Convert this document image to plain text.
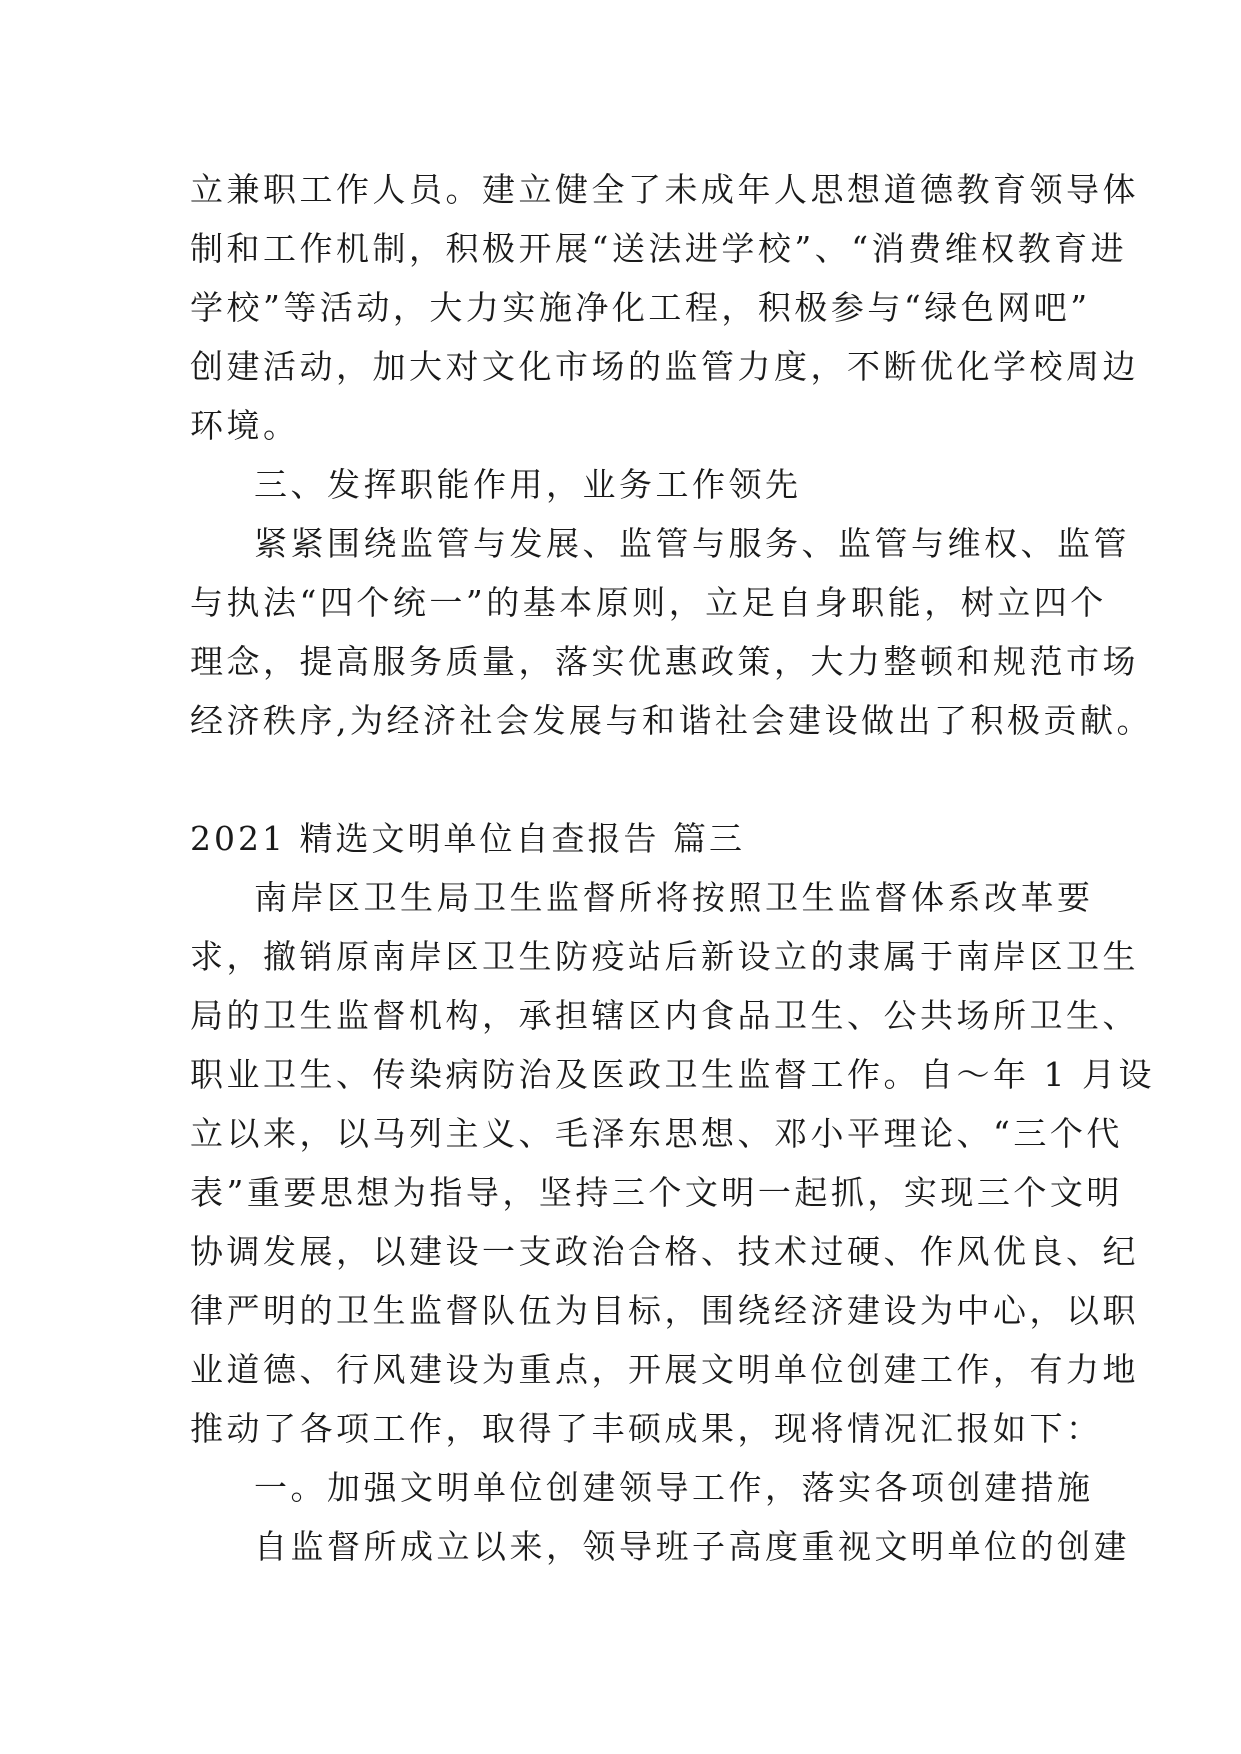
立兼职工作人员。建立健全了未成年人思想道德教育领导体
制和工作机制，积极开展“送法进学校”、“消费维权教育进
学校”等活动，大力实施净化工程，积极参与“绿色网吧”
创建活动，加大对文化市场的监管力度，不断优化学校周边
环境。
三、发挥职能作用，业务工作领先
紧紧围绕监管与发展、监管与服务、监管与维权、监管
与执法“四个统一”的基本原则，立足自身职能，树立四个
理念，提高服务质量，落实优惠政策，大力整顿和规范市场
经济秩序,为经济社会发展与和谐社会建设做出了积极贡献。
2021 精选文明单位自查报告 篇三
南岸区卫生局卫生监督所将按照卫生监督体系改革要
求，撤销原南岸区卫生防疫站后新设立的隶属于南岸区卫生
局的卫生监督机构，承担辖区内食品卫生、公共场所卫生、
职业卫生、传染病防治及医政卫生监督工作。自～年 1 月设
立以来，以马列主义、毛泽东思想、邓小平理论、“三个代
表”重要思想为指导，坚持三个文明一起抓，实现三个文明
协调发展，以建设一支政治合格、技术过硬、作风优良、纪
律严明的卫生监督队伍为目标，围绕经济建设为中心，以职
业道德、行风建设为重点，开展文明单位创建工作，有力地
推动了各项工作，取得了丰硕成果，现将情况汇报如下：
一。加强文明单位创建领导工作，落实各项创建措施
自监督所成立以来，领导班子高度重视文明单位的创建
